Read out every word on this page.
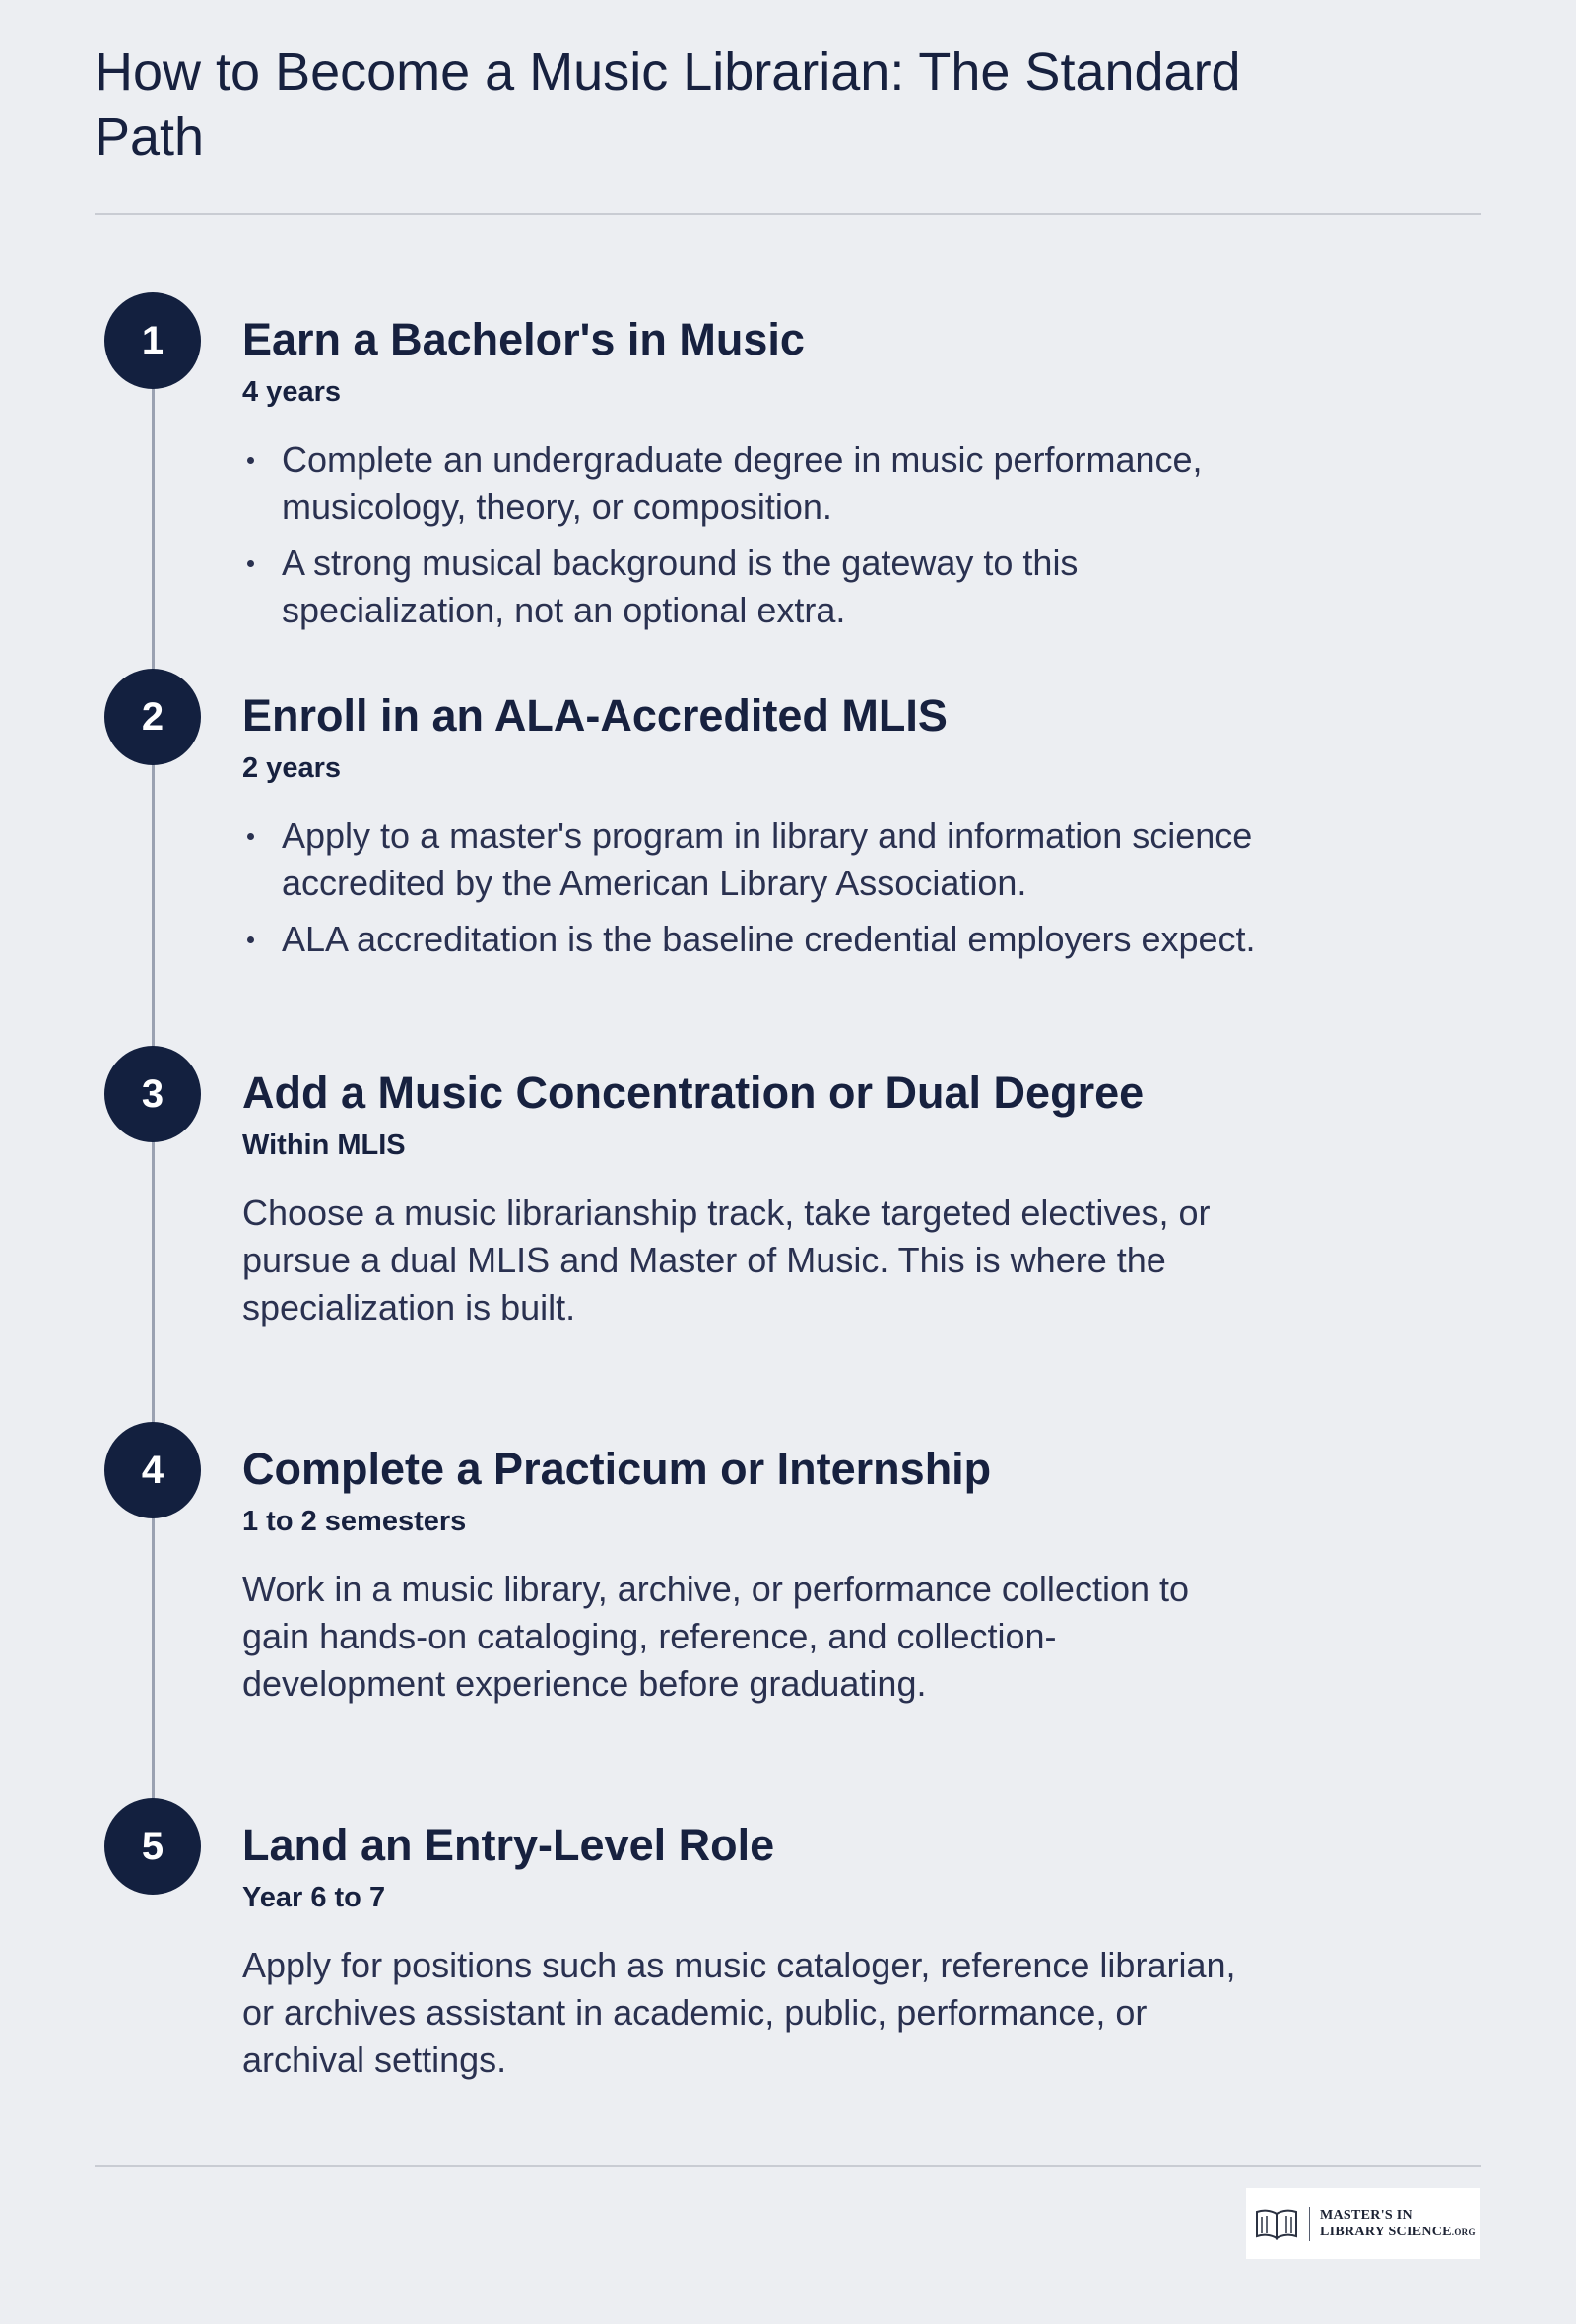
How to Become a Music Librarian: The Standard Path
1	Earn a Bachelor's in Music
4 years
Complete an undergraduate degree in music performance, musicology, theory, or composition.
A strong musical background is the gateway to this specialization, not an optional extra.
2	Enroll in an ALA-Accredited MLIS
2 years
Apply to a master's program in library and information science accredited by the American Library Association.
ALA accreditation is the baseline credential employers expect.
3	Add a Music Concentration or Dual Degree
Within MLIS

Choose a music librarianship track, take targeted electives, or pursue a dual MLIS and Master of Music. This is where the specialization is built.

4	Complete a Practicum or Internship
1 to 2 semesters

Work in a music library, archive, or performance collection to gain hands-on cataloging, reference, and collection-development experience before graduating.

5	Land an Entry-Level Role
Year 6 to 7

Apply for positions such as music cataloger, reference librarian, or archives assistant in academic, public, performance, or archival settings.

MASTER'S IN
LIBRARY SCIENCE.ORG
